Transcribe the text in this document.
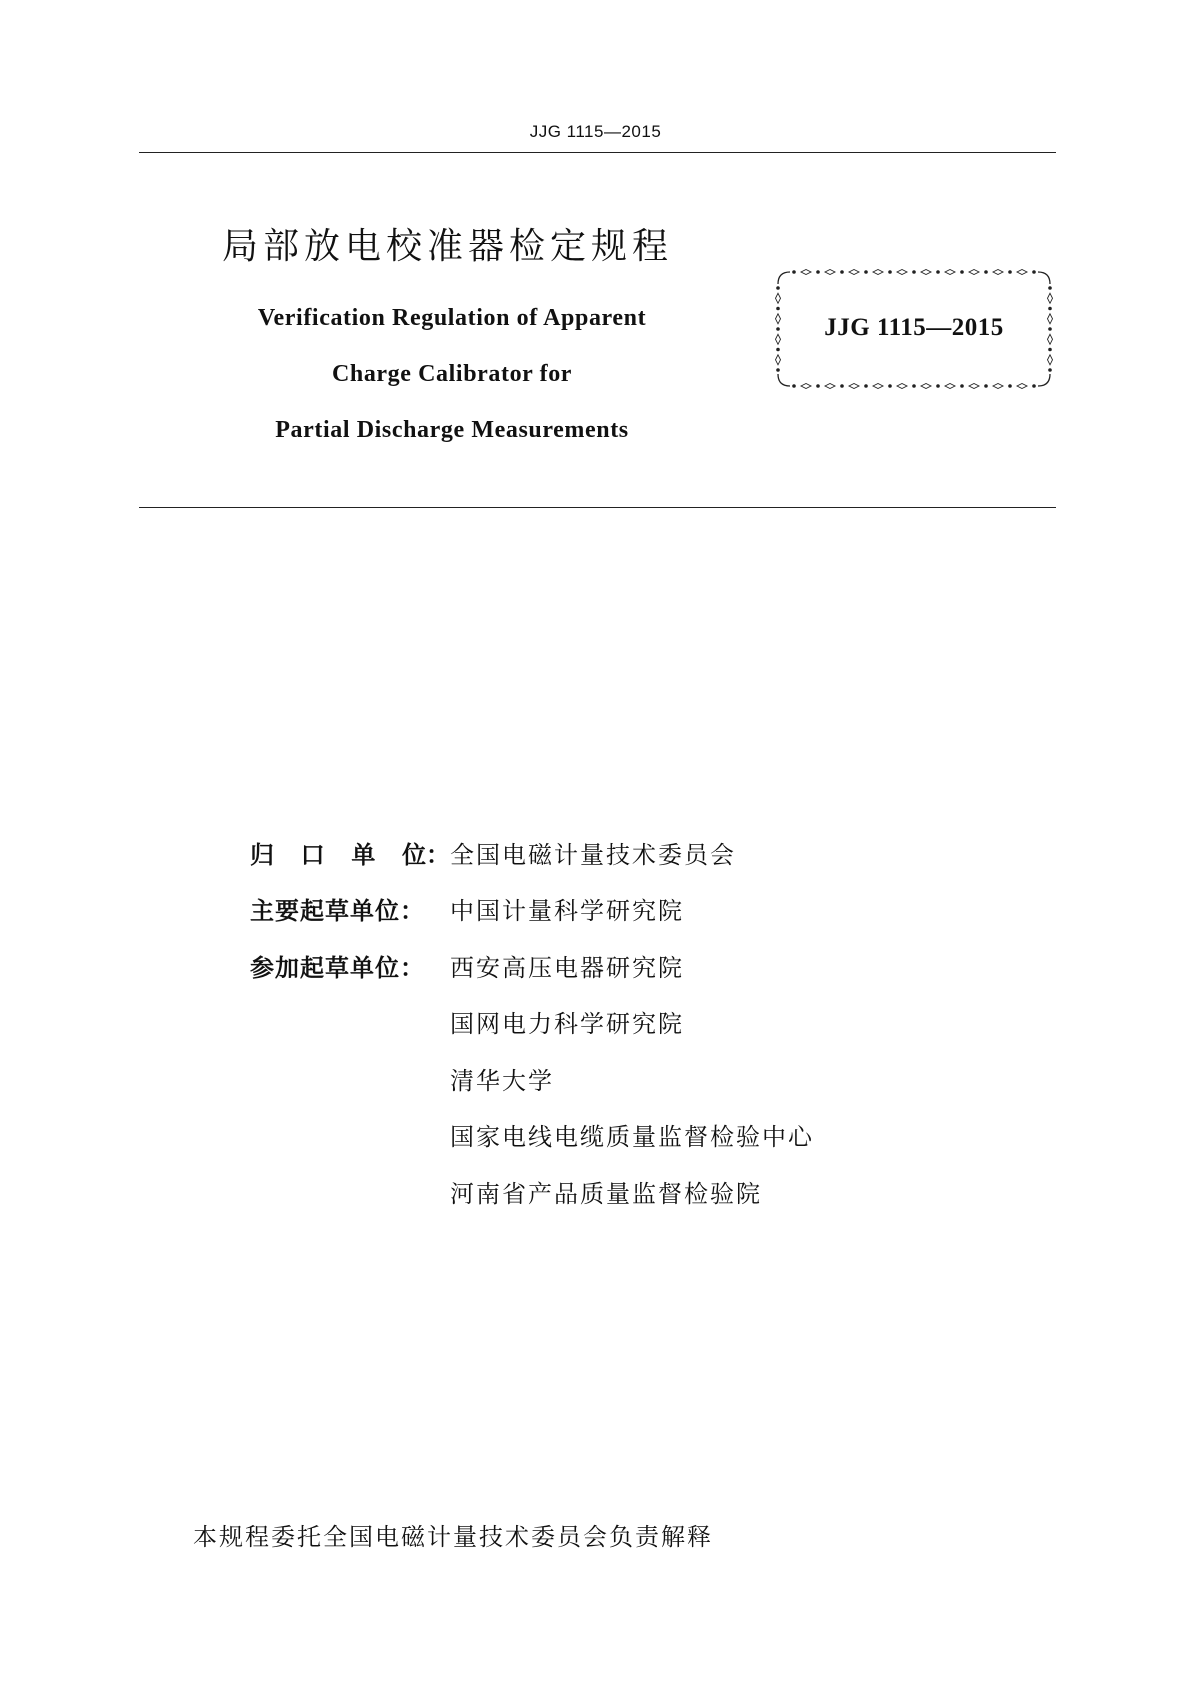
JJG 1115—2015
局部放电校准器检定规程
Verification Regulation of Apparent
Charge Calibrator for
Partial Discharge Measurements
JJG 1115—2015
归 口 单 位： 全国电磁计量技术委员会
主要起草单位：	中国计量科学研究院
参加起草单位：	西安高压电器研究院
国网电力科学研究院
清华大学
国家电线电缆质量监督检验中心
河南省产品质量监督检验院
本规程委托全国电磁计量技术委员会负责解释
